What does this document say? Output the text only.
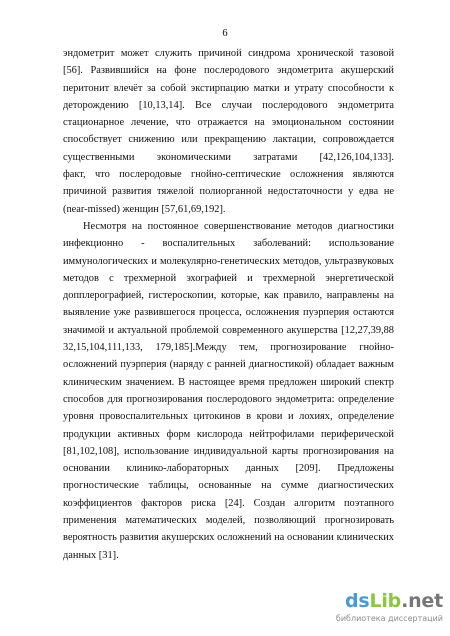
6
эндометрит может служить причиной синдрома хронической тазовой
[56]. Развившийся на фоне послеродового эндометрита акушерский
перитонит влечёт за собой экстирпацию матки и утрату способности к
деторождению [10,13,14]. Все случаи послеродового эндометрита
стационарное лечение, что отражается на эмоциональном состоянии
способствует снижению или прекращению лактации, сопровождается
существенными экономическими затратами [42,126,104,133].
факт, что послеродовые гнойно-септические осложнения являются
причиной развития тяжелой полиорганной недостаточности у едва не
(near-missed) женщин [57,61,69,192].
Несмотря на постоянное совершенствование методов диагностики
инфекционно - воспалительных заболеваний: использование
иммунологических и молекулярно-генетических методов, ультразвуковых
методов с трехмерной эхографией и трехмерной энергетической
допплерографией, гистероскопии, которые, как правило, направлены на
выявление уже развившегося процесса, осложнения пуэрперия остаются
значимой и актуальной проблемой современного акушерства [12,27,39,88
32,15,104,111,133, 179,185].Между тем, прогнозирование гнойно-
осложнений пуэрперия (наряду с ранней диагностикой) обладает важным
клиническим значением. В настоящее время предложен широкий спектр
способов для прогнозирования послеродового эндометрита: определение
уровня провоспалительных цитокинов в крови и лохиях, определение
продукции активных форм кислорода нейтрофилами периферической
[81,102,108], использование индивидуальной карты прогнозирования на
основании клинико-лабораторных данных [209]. Предложены
прогностические таблицы, основанные на сумме диагностических
коэффициентов факторов риска [24]. Создан алгоритм поэтапного
применения математических моделей, позволяющий прогнозировать
вероятность развития акушерских осложнений на основании клинических
данных [31].
dsLib.net
библиотека диссертаций
